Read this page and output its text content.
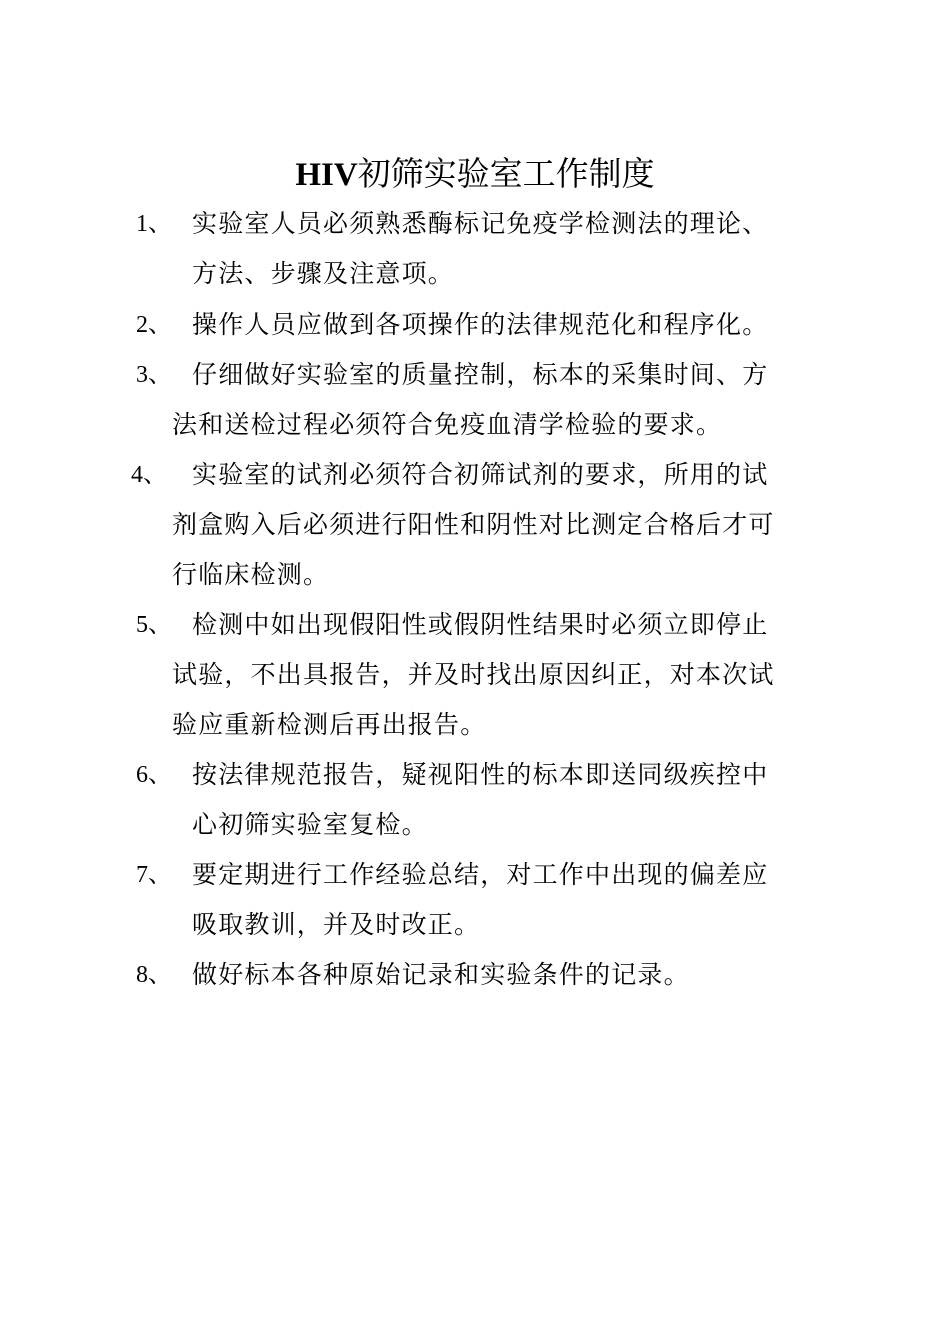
HIV初筛实验室工作制度
1、 实验室人员必须熟悉酶标记免疫学检测法的理论、
方法、步骤及注意项。
2、 操作人员应做到各项操作的法律规范化和程序化。
3、 仔细做好实验室的质量控制，标本的采集时间、方
法和送检过程必须符合免疫血清学检验的要求。
4、 实验室的试剂必须符合初筛试剂的要求，所用的试
剂盒购入后必须进行阳性和阴性对比测定合格后才可
行临床检测。
5、 检测中如出现假阳性或假阴性结果时必须立即停止
试验，不出具报告，并及时找出原因纠正，对本次试
验应重新检测后再出报告。
6、 按法律规范报告，疑视阳性的标本即送同级疾控中
心初筛实验室复检。
7、 要定期进行工作经验总结，对工作中出现的偏差应
吸取教训，并及时改正。
8、 做好标本各种原始记录和实验条件的记录。
